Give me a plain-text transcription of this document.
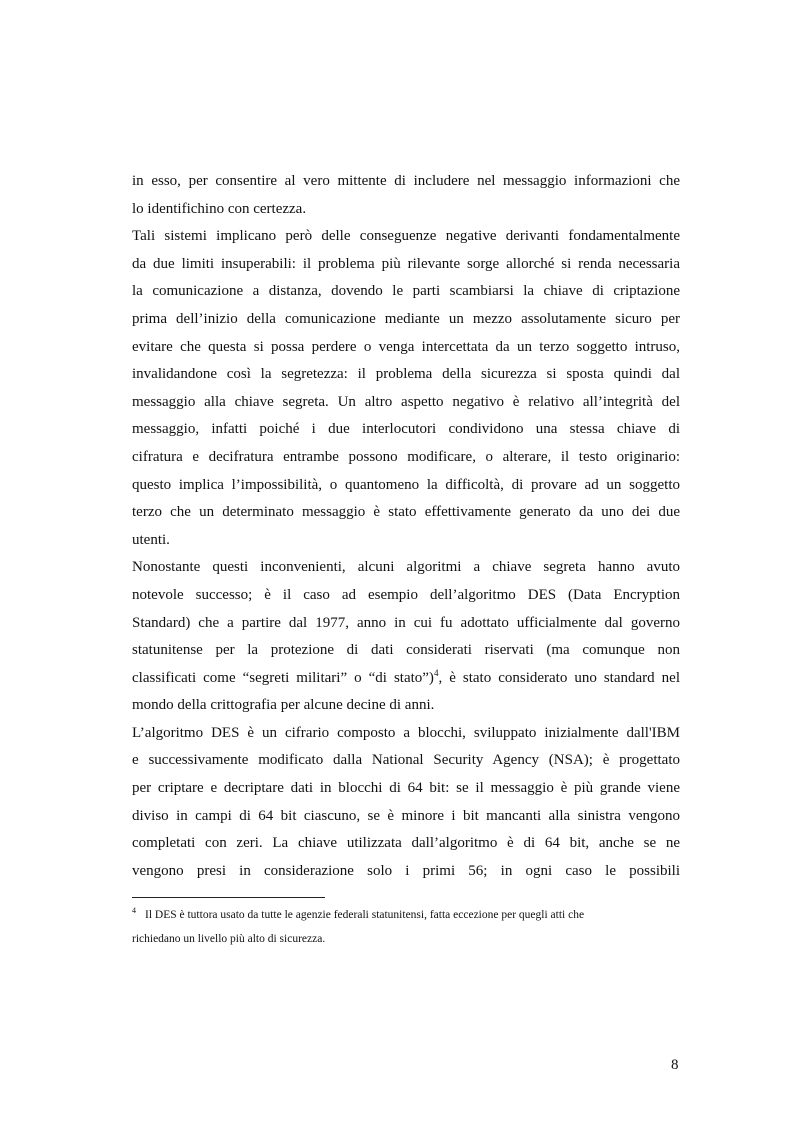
in esso, per consentire al vero mittente di includere nel messaggio informazioni che
lo identifichino con certezza.
Tali sistemi implicano però delle conseguenze negative derivanti fondamentalmente
da due limiti insuperabili: il problema più rilevante sorge allorché si renda necessaria
la comunicazione a distanza, dovendo le parti scambiarsi la chiave di criptazione
prima dell’inizio della comunicazione mediante un mezzo assolutamente sicuro per
evitare che questa si possa perdere o venga intercettata da un terzo soggetto intruso,
invalidandone così la segretezza: il problema della sicurezza si sposta quindi dal
messaggio alla chiave segreta. Un altro aspetto negativo è relativo all’integrità del
messaggio, infatti poiché i due interlocutori condividono una stessa chiave di
cifratura e decifratura entrambe possono modificare, o alterare, il testo originario:
questo implica l’impossibilità, o quantomeno la difficoltà, di provare ad un soggetto
terzo che un determinato messaggio è stato effettivamente generato da uno dei due
utenti.
Nonostante questi inconvenienti, alcuni algoritmi a chiave segreta hanno avuto
notevole successo; è il caso ad esempio dell’algoritmo DES (Data Encryption
Standard) che a partire dal 1977, anno in cui fu adottato ufficialmente dal governo
statunitense per la protezione di dati considerati riservati (ma comunque non
classificati come “segreti militari” o “di stato”)$^4$, è stato considerato uno standard nel
mondo della crittografia per alcune decine di anni.
L’algoritmo DES è un cifrario composto a blocchi, sviluppato inizialmente dall'IBM
e successivamente modificato dalla National Security Agency (NSA); è progettato
per criptare e decriptare dati in blocchi di 64 bit: se il messaggio è più grande viene
diviso in campi di 64 bit ciascuno, se è minore i bit mancanti alla sinistra vengono
completati con zeri. La chiave utilizzata dall’algoritmo è di 64 bit, anche se ne
vengono presi in considerazione solo i primi 56; in ogni caso le possibili
$^4$ Il DES è tuttora usato da tutte le agenzie federali statunitensi, fatta eccezione per quegli atti che
richiedano un livello più alto di sicurezza.
8
